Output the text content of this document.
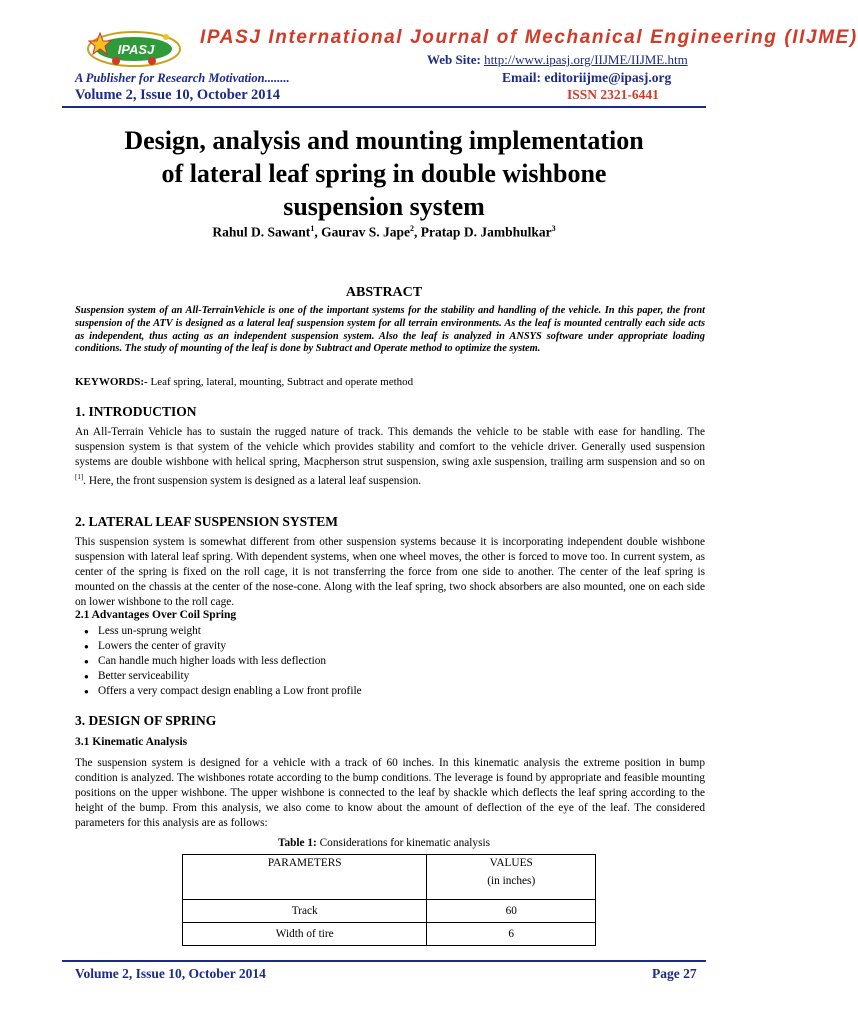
IPASJ
IPASJ International Journal of Mechanical Engineering (IIJME)
Web Site: http://www.ipasj.org/IIJME/IIJME.htm
A Publisher for Research Motivation........	Email: editoriijme@ipasj.org
Volume 2, Issue 10, October 2014	ISSN 2321-6441
Design, analysis and mounting implementation
of lateral leaf spring in double wishbone
suspension system
Rahul D. Sawant$^1$, Gaurav S. Jape$^2$, Pratap D. Jambhulkar$^3$
ABSTRACT
Suspension system of an All-TerrainVehicle is one of the important systems for the stability and handling of the vehicle. In this paper, the front suspension of the ATV is designed as a lateral leaf suspension system for all terrain environments. As the leaf is mounted centrally each side acts as independent, thus acting as an independent suspension system. Also the leaf is analyzed in ANSYS software under appropriate loading conditions. The study of mounting of the leaf is done by Subtract and Operate method to optimize the system.
KEYWORDS:- Leaf spring, lateral, mounting, Subtract and operate method
1. INTRODUCTION
An All-Terrain Vehicle has to sustain the rugged nature of track. This demands the vehicle to be stable with ease for handling. The suspension system is that system of the vehicle which provides stability and comfort to the vehicle driver. Generally used suspension systems are double wishbone with helical spring, Macpherson strut suspension, swing axle suspension, trailing arm suspension and so on [1]. Here, the front suspension system is designed as a lateral leaf suspension.
2. LATERAL LEAF SUSPENSION SYSTEM
This suspension system is somewhat different from other suspension systems because it is incorporating independent double wishbone suspension with lateral leaf spring. With dependent systems, when one wheel moves, the other is forced to move too. In current system, as center of the spring is fixed on the roll cage, it is not transferring the force from one side to another. The center of the leaf spring is mounted on the chassis at the center of the nose-cone. Along with the leaf spring, two shock absorbers are also mounted, one on each side on lower wishbone to the roll cage.
2.1 Advantages Over Coil Spring
● Less un-sprung weight
● Lowers the center of gravity
● Can handle much higher loads with less deflection
● Better serviceability
● Offers a very compact design enabling a Low front profile
3. DESIGN OF SPRING
3.1 Kinematic Analysis
The suspension system is designed for a vehicle with a track of 60 inches. In this kinematic analysis the extreme position in bump condition is analyzed. The wishbones rotate according to the bump conditions. The leverage is found by appropriate and feasible mounting positions on the upper wishbone. The upper wishbone is connected to the leaf by shackle which deflects the leaf spring according to the height of the bump. From this analysis, we also come to know about the amount of deflection of the eye of the leaf. The considered parameters for this analysis are as follows:
Table 1: Considerations for kinematic analysis
PARAMETERS	VALUES
(in inches)

Track	60
Width of tire	6
Volume 2, Issue 10, October 2014	Page 27
